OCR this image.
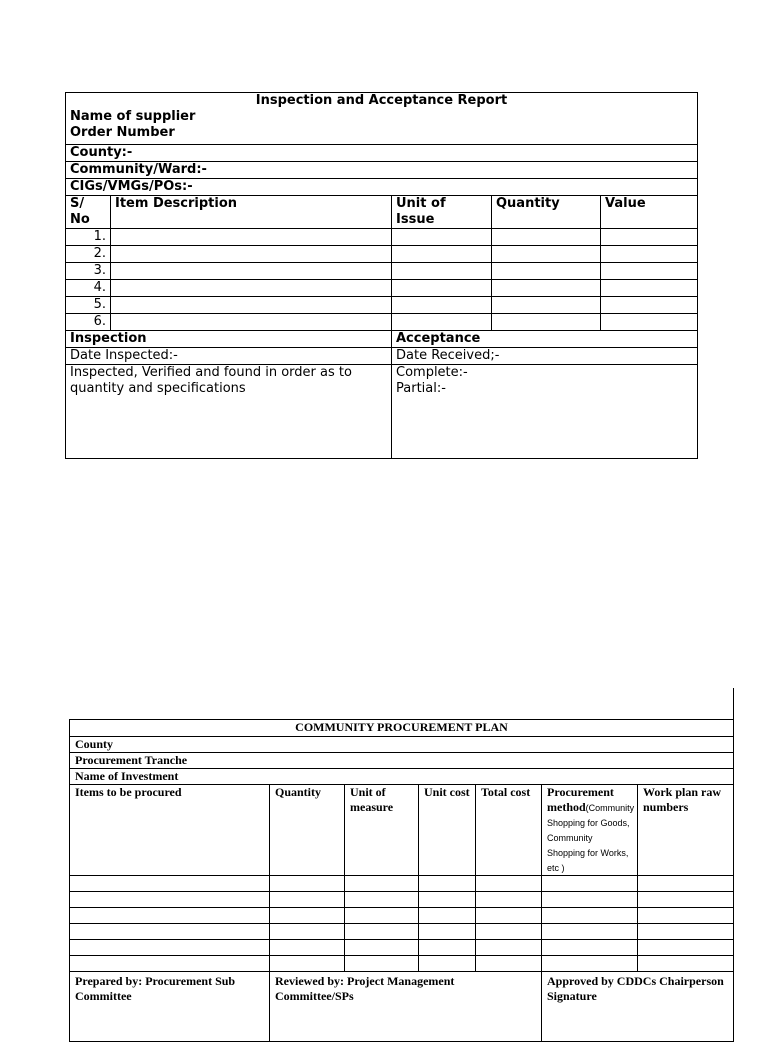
Inspection and Acceptance Report
Name of supplier
Order Number				

County:-				
Community/Ward:-				
CIGs/VMGs/POs:-				
S/ No	Item Description	Unit of Issue	Quantity	Value
1.				
2.				
3.				
4.				
5.				
6.				
Inspection		Acceptance		
Date Inspected:-		Date Received;-		
Inspected, Verified and found in order as to quantity and specifications		Complete:-
Partial:-		
COMMUNITY PROCUREMENT PLAN						
County						
Procurement Tranche						
Name of Investment						
Items to be procured	Quantity	Unit of measure	Unit cost	Total cost	Procurement method(Community Shopping for Goods, Community Shopping for Works, etc )	Work plan raw numbers

Prepared by: Procurement Sub Committee	Reviewed by: Project Management Committee/SPs				Approved by CDDCs Chairperson Signature	
